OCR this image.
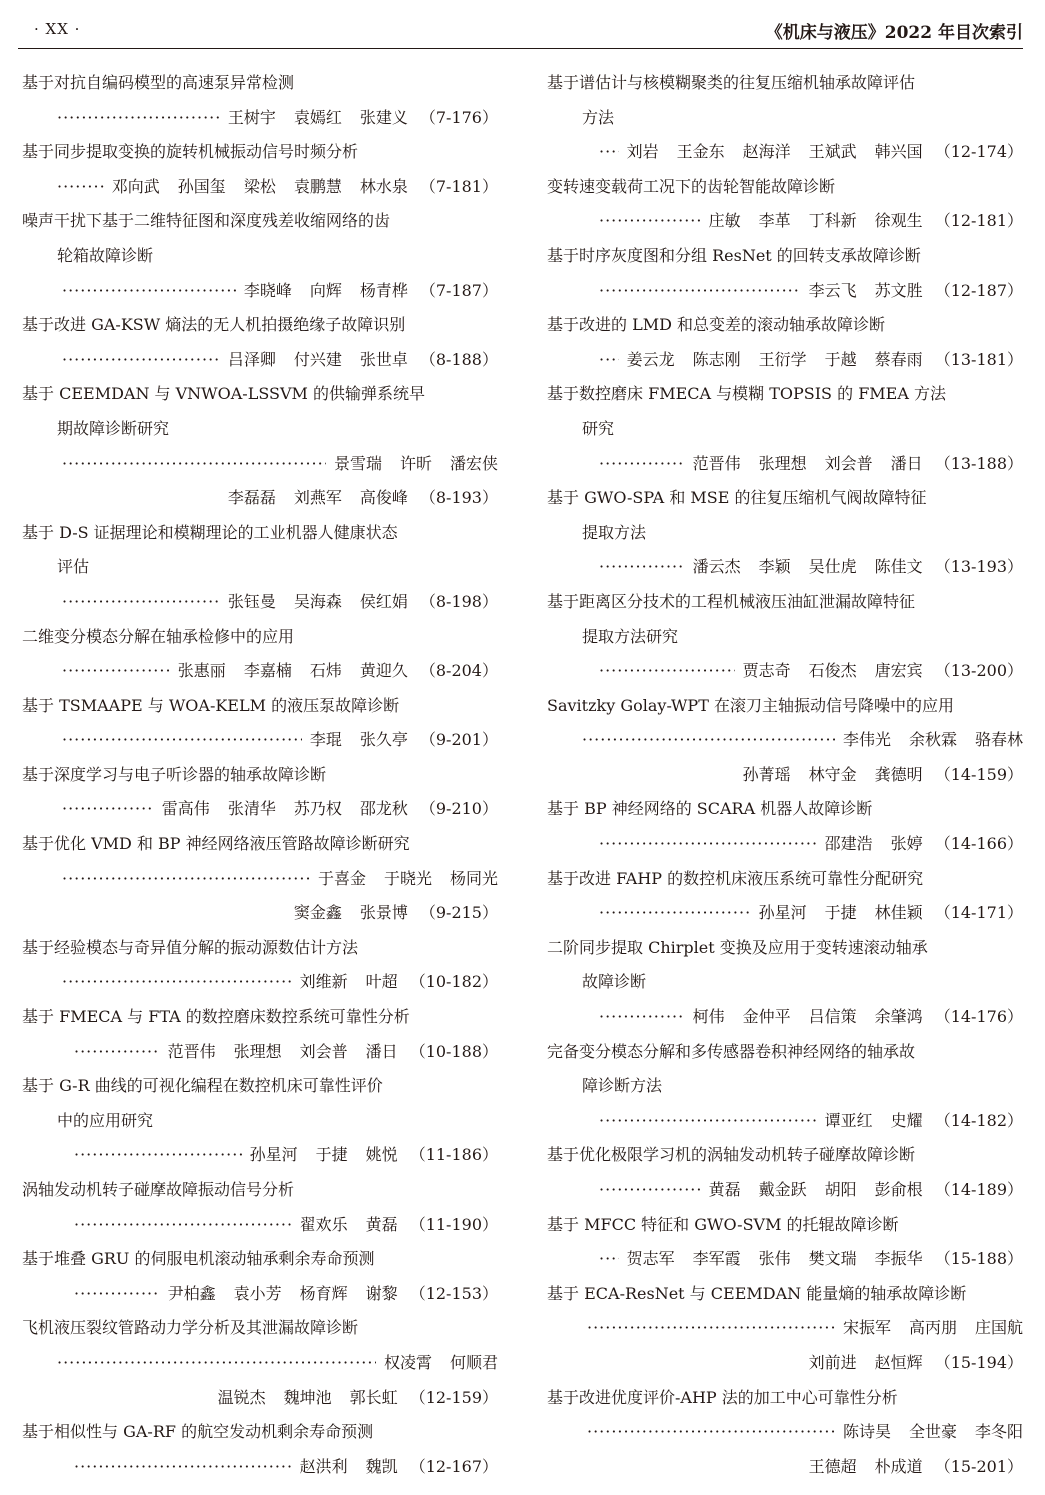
· XX ·	《机床与液压》2022 年目次索引
基于对抗自编码模型的高速泵异常检测
·····
王树宇 袁嫣红 张建义 （7-176）
基于同步提取变换的旋转机械振动信号时频分析
·····
邓向武 孙国玺 梁松 袁鹏慧 林水泉 （7-181）
噪声干扰下基于二维特征图和深度残差收缩网络的齿
轮箱故障诊断
·····
李晓峰 向辉 杨青桦 （7-187）
基于改进 GA-KSW 熵法的无人机拍摄绝缘子故障识别
·····
吕泽卿 付兴建 张世卓 （8-188）
基于 CEEMDAN 与 VNWOA-LSSVM 的供输弹系统早
期故障诊断研究
·····
景雪瑞 许昕 潘宏侠
李磊磊 刘燕军 高俊峰 （8-193）
基于 D-S 证据理论和模糊理论的工业机器人健康状态
评估
·····
张钰曼 吴海森 侯红娟 （8-198）
二维变分模态分解在轴承检修中的应用
·····
张惠丽 李嘉楠 石炜 黄迎久 （8-204）
基于 TSMAAPE 与 WOA-KELM 的液压泵故障诊断
·····
李琨 张久亭 （9-201）
基于深度学习与电子听诊器的轴承故障诊断
·····
雷高伟 张清华 苏乃权 邵龙秋 （9-210）
基于优化 VMD 和 BP 神经网络液压管路故障诊断研究
·····
于喜金 于晓光 杨同光
窦金鑫 张景博 （9-215）
基于经验模态与奇异值分解的振动源数估计方法
·····
刘维新 叶超 （10-182）
基于 FMECA 与 FTA 的数控磨床数控系统可靠性分析
·····
范晋伟 张理想 刘会普 潘日 （10-188）
基于 G-R 曲线的可视化编程在数控机床可靠性评价
中的应用研究
·····
孙星河 于捷 姚悦 （11-186）
涡轴发动机转子碰摩故障振动信号分析
·····
翟欢乐 黄磊 （11-190）
基于堆叠 GRU 的伺服电机滚动轴承剩余寿命预测
·····
尹柏鑫 袁小芳 杨育辉 谢黎 （12-153）
飞机液压裂纹管路动力学分析及其泄漏故障诊断
·····
权凌霄 何顺君
温锐杰 魏坤池 郭长虹 （12-159）
基于相似性与 GA-RF 的航空发动机剩余寿命预测
·····
赵洪利 魏凯 （12-167）
基于谱估计与核模糊聚类的往复压缩机轴承故障评估
方法
·····
刘岩 王金东 赵海洋 王斌武 韩兴国 （12-174）
变转速变载荷工况下的齿轮智能故障诊断
·····
庄敏 李革 丁科新 徐观生 （12-181）
基于时序灰度图和分组 ResNet 的回转支承故障诊断
·····
李云飞 苏文胜 （12-187）
基于改进的 LMD 和总变差的滚动轴承故障诊断
·····
姜云龙 陈志刚 王衍学 于越 蔡春雨 （13-181）
基于数控磨床 FMECA 与模糊 TOPSIS 的 FMEA 方法
研究
·····
范晋伟 张理想 刘会普 潘日 （13-188）
基于 GWO-SPA 和 MSE 的往复压缩机气阀故障特征
提取方法
·····
潘云杰 李颖 吴仕虎 陈佳文 （13-193）
基于距离区分技术的工程机械液压油缸泄漏故障特征
提取方法研究
·····
贾志奇 石俊杰 唐宏宾 （13-200）
Savitzky Golay-WPT 在滚刀主轴振动信号降噪中的应用
·····
李伟光 余秋霖 骆春林
孙菁瑶 林守金 龚德明 （14-159）
基于 BP 神经网络的 SCARA 机器人故障诊断
·····
邵建浩 张婷 （14-166）
基于改进 FAHP 的数控机床液压系统可靠性分配研究
·····
孙星河 于捷 林佳颖 （14-171）
二阶同步提取 Chirplet 变换及应用于变转速滚动轴承
故障诊断
·····
柯伟 金仲平 吕信策 余肇鸿 （14-176）
完备变分模态分解和多传感器卷积神经网络的轴承故
障诊断方法
·····
谭亚红 史耀 （14-182）
基于优化极限学习机的涡轴发动机转子碰摩故障诊断
·····
黄磊 戴金跃 胡阳 彭俞根 （14-189）
基于 MFCC 特征和 GWO-SVM 的托辊故障诊断
·····
贺志军 李军霞 张伟 樊文瑞 李振华 （15-188）
基于 ECA-ResNet 与 CEEMDAN 能量熵的轴承故障诊断
·····
宋振军 高丙朋 庄国航
刘前进 赵恒辉 （15-194）
基于改进优度评价-AHP 法的加工中心可靠性分析
·····
陈诗昊 全世豪 李冬阳
王德超 朴成道 （15-201）
